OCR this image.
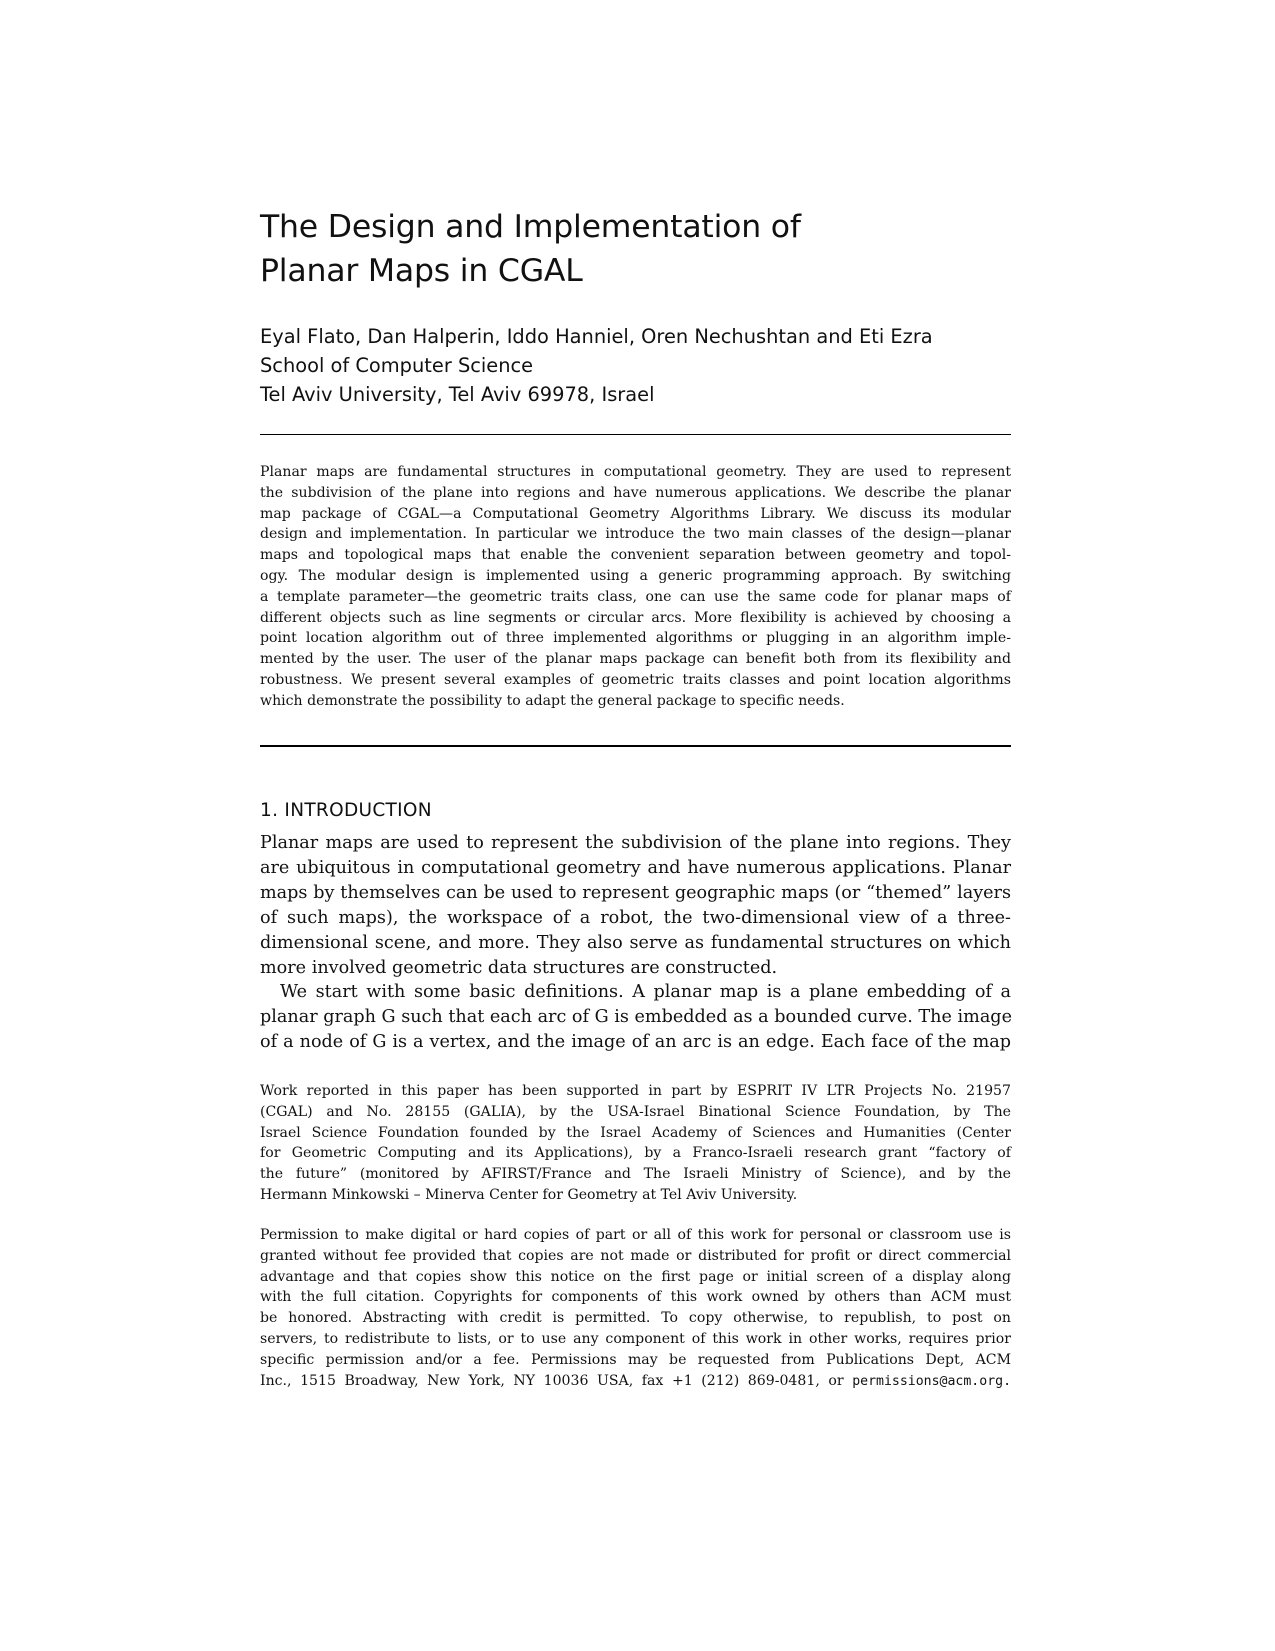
The Design and Implementation of
Planar Maps in CGAL
Eyal Flato, Dan Halperin, Iddo Hanniel, Oren Nechushtan and Eti Ezra
School of Computer Science
Tel Aviv University, Tel Aviv 69978, Israel
Planar maps are fundamental structures in computational geometry. They are used to represent
the subdivision of the plane into regions and have numerous applications. We describe the planar
map package of CGAL—a Computational Geometry Algorithms Library. We discuss its modular
design and implementation. In particular we introduce the two main classes of the design—planar
maps and topological maps that enable the convenient separation between geometry and topol-
ogy. The modular design is implemented using a generic programming approach. By switching
a template parameter—the geometric traits class, one can use the same code for planar maps of
different objects such as line segments or circular arcs. More flexibility is achieved by choosing a
point location algorithm out of three implemented algorithms or plugging in an algorithm imple-
mented by the user. The user of the planar maps package can benefit both from its flexibility and
robustness. We present several examples of geometric traits classes and point location algorithms
which demonstrate the possibility to adapt the general package to specific needs.
1. INTRODUCTION
Planar maps are used to represent the subdivision of the plane into regions. They
are ubiquitous in computational geometry and have numerous applications. Planar
maps by themselves can be used to represent geographic maps (or “themed” layers
of such maps), the workspace of a robot, the two-dimensional view of a three-
dimensional scene, and more. They also serve as fundamental structures on which
more involved geometric data structures are constructed.
We start with some basic definitions. A planar map is a plane embedding of a
planar graph G such that each arc of G is embedded as a bounded curve. The image
of a node of G is a vertex, and the image of an arc is an edge. Each face of the map
Work reported in this paper has been supported in part by ESPRIT IV LTR Projects No. 21957
(CGAL) and No. 28155 (GALIA), by the USA-Israel Binational Science Foundation, by The
Israel Science Foundation founded by the Israel Academy of Sciences and Humanities (Center
for Geometric Computing and its Applications), by a Franco-Israeli research grant “factory of
the future” (monitored by AFIRST/France and The Israeli Ministry of Science), and by the
Hermann Minkowski – Minerva Center for Geometry at Tel Aviv University.
Permission to make digital or hard copies of part or all of this work for personal or classroom use is
granted without fee provided that copies are not made or distributed for profit or direct commercial
advantage and that copies show this notice on the first page or initial screen of a display along
with the full citation. Copyrights for components of this work owned by others than ACM must
be honored. Abstracting with credit is permitted. To copy otherwise, to republish, to post on
servers, to redistribute to lists, or to use any component of this work in other works, requires prior
specific permission and/or a fee. Permissions may be requested from Publications Dept, ACM
Inc., 1515 Broadway, New York, NY 10036 USA, fax +1 (212) 869-0481, or permissions@acm.org.
